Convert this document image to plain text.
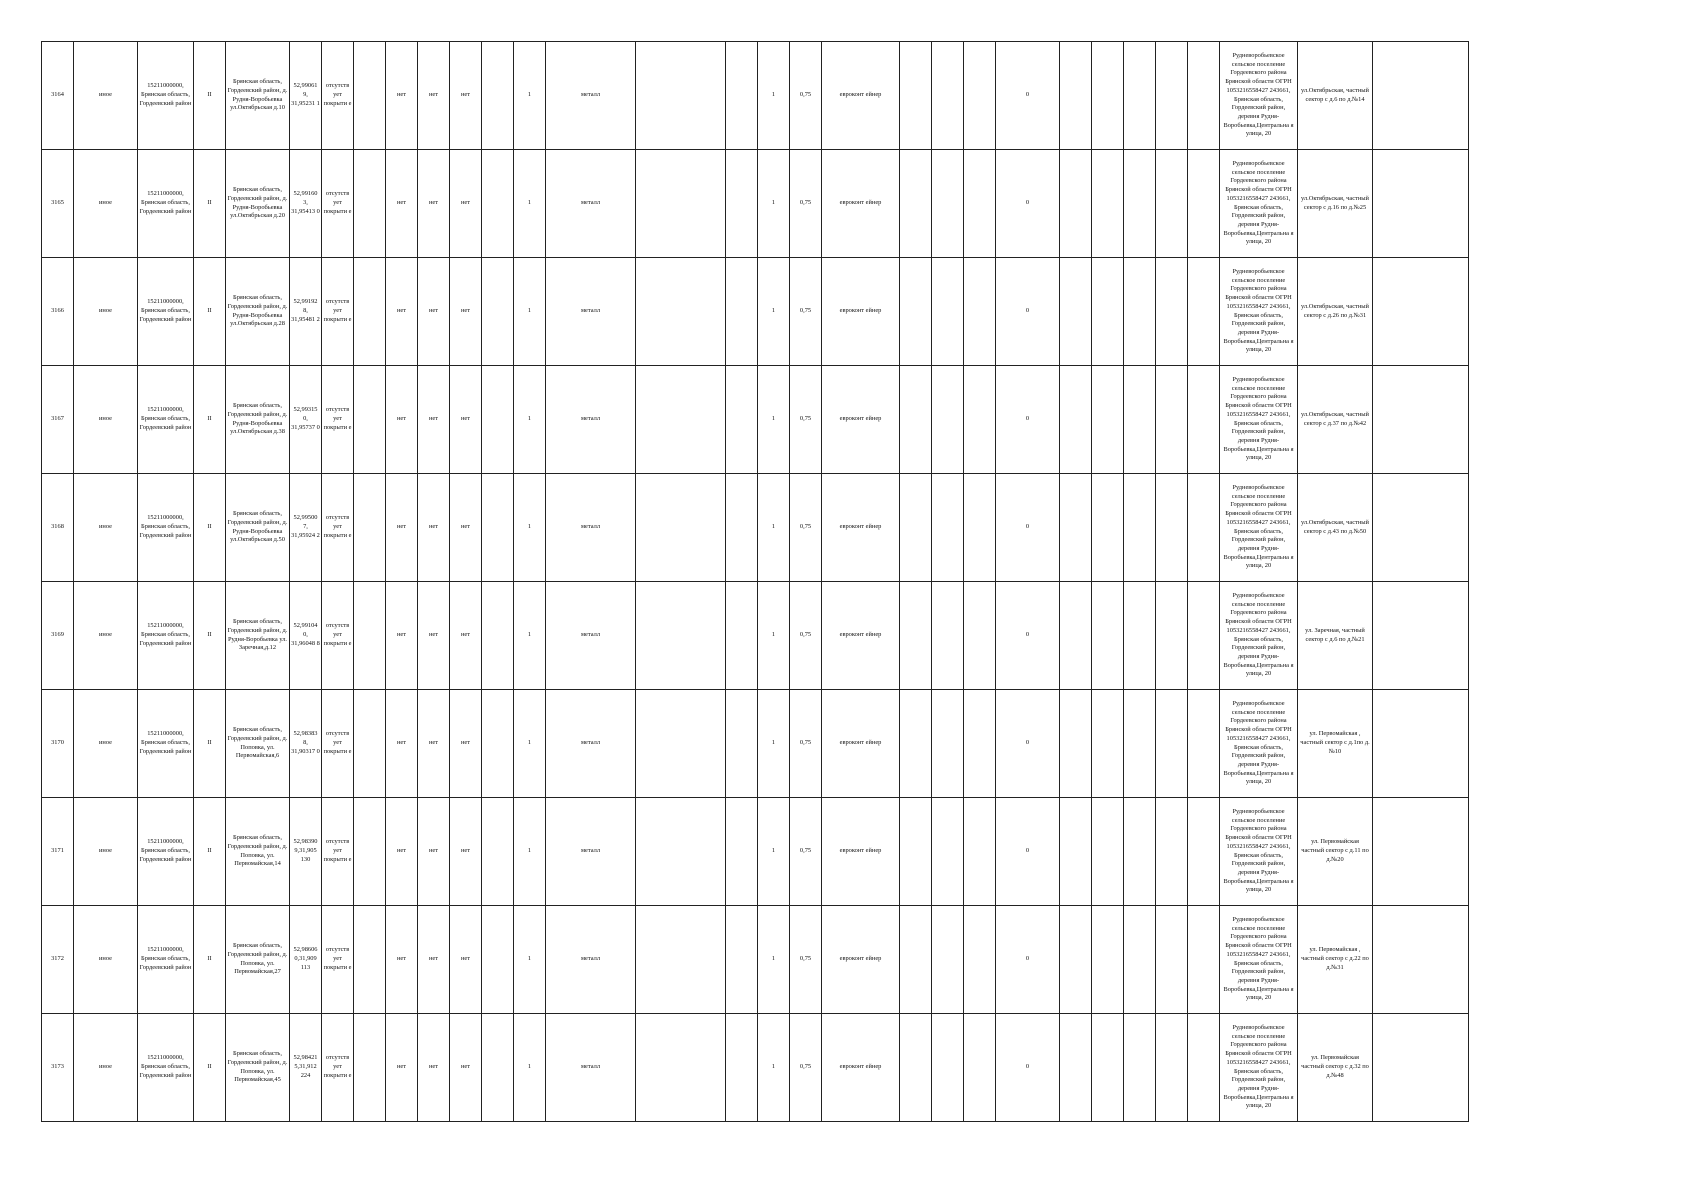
3164	иное	15211000000, Брянская область, Гордеевский район	II	Брянская область, Гордеевский район, д. Рудня-Воробьевка ул.Октябрьская д.10	52,99061 9, 31,95231 1	отсутств ует покрыти е		нет	нет	нет		1	металл			1	0,75	евроконт ейнер				0						Рудневоробьевское сельское поселение Гордеевского района Брянской области ОГРН 1053216558427 243661, Брянская область, Гордеевский район, деревня Рудня-Воробьевка,Центральна я улица, 20	ул.Октябрьская, частный сектор с д.6 по д.№14	
3165	иное	15211000000, Брянская область, Гордеевский район	II	Брянская область, Гордеевский район, д. Рудня-Воробьевка ул.Октябрьская д.20	52,99160 3, 31,95413 0	отсутств ует покрыти е		нет	нет	нет		1	металл			1	0,75	евроконт ейнер				0						Рудневоробьевское сельское поселение Гордеевского района Брянской области ОГРН 1053216558427 243661, Брянская область, Гордеевский район, деревня Рудня-Воробьевка,Центральна я улица, 20	ул.Октябрьская, частный сектор с д.16 по д.№25	
3166	иное	15211000000, Брянская область, Гордеевский район	II	Брянская область, Гордеевский район, д. Рудня-Воробьевка ул.Октябрьская д.28	52,99192 8, 31,95481 2	отсутств ует покрыти е		нет	нет	нет		1	металл			1	0,75	евроконт ейнер				0						Рудневоробьевское сельское поселение Гордеевского района Брянской области ОГРН 1053216558427 243661, Брянская область, Гордеевский район, деревня Рудня-Воробьевка,Центральна я улица, 20	ул.Октябрьская, частный сектор с д.26 по д.№31	
3167	иное	15211000000, Брянская область, Гордеевский район	II	Брянская область, Гордеевский район, д. Рудня-Воробьевка ул.Октябрьская д.38	52,99315 0, 31,95737 0	отсутств ует покрыти е		нет	нет	нет		1	металл			1	0,75	евроконт ейнер				0						Рудневоробьевское сельское поселение Гордеевского района Брянской области ОГРН 1053216558427 243661, Брянская область, Гордеевский район, деревня Рудня-Воробьевка,Центральна я улица, 20	ул.Октябрьская, частный сектор с д.37 по д.№42	
3168	иное	15211000000, Брянская область, Гордеевский район	II	Брянская область, Гордеевский район, д. Рудня-Воробьевка ул.Октябрьская д.50	52,99500 7, 31,95924 2	отсутств ует покрыти е		нет	нет	нет		1	металл			1	0,75	евроконт ейнер				0						Рудневоробьевское сельское поселение Гордеевского района Брянской области ОГРН 1053216558427 243661, Брянская область, Гордеевский район, деревня Рудня-Воробьевка,Центральна я улица, 20	ул.Октябрьская, частный сектор с д.43 по д.№50	
3169	иное	15211000000, Брянская область, Гордеевский район	II	Брянская область, Гордеевский район, д. Рудня-Воробьевка ул. Заречная,д.12	52,99104 0, 31,96048 8	отсутств ует покрыти е		нет	нет	нет		1	металл			1	0,75	евроконт ейнер				0						Рудневоробьевское сельское поселение Гордеевского района Брянской области ОГРН 1053216558427 243661, Брянская область, Гордеевский район, деревня Рудня-Воробьевка,Центральна я улица, 20	ул. Заречная, частный сектор с д.6 по д.№21	
3170	иное	15211000000, Брянская область, Гордеевский район	II	Брянская область, Гордеевский район, д. Поповка, ул. Первомайская,6	52,98383 8, 31,90317 0	отсутств ует покрыти е		нет	нет	нет		1	металл			1	0,75	евроконт ейнер				0						Рудневоробьевское сельское поселение Гордеевского района Брянской области ОГРН 1053216558427 243661, Брянская область, Гордеевский район, деревня Рудня-Воробьевка,Центральна я улица, 20	ул. Первомайская , частный сектор с д.1по д.№10	
3171	иное	15211000000, Брянская область, Гордеевский район	II	Брянская область, Гордеевский район, д. Поповка, ул. Первомайская,14	52,98390 9,31,905 130	отсутств ует покрыти е		нет	нет	нет		1	металл			1	0,75	евроконт ейнер				0						Рудневоробьевское сельское поселение Гордеевского района Брянской области ОГРН 1053216558427 243661, Брянская область, Гордеевский район, деревня Рудня-Воробьевка,Центральна я улица, 20	ул. Первомайская частный сектор с д.11 по д.№20	
3172	иное	15211000000, Брянская область, Гордеевский район	II	Брянская область, Гордеевский район, д. Поповка, ул. Первомайская,27	52,98606 0,31,909 113	отсутств ует покрыти е		нет	нет	нет		1	металл			1	0,75	евроконт ейнер				0						Рудневоробьевское сельское поселение Гордеевского района Брянской области ОГРН 1053216558427 243661, Брянская область, Гордеевский район, деревня Рудня-Воробьевка,Центральна я улица, 20	ул. Первомайская , частный сектор с д.22 по д.№31	
3173	иное	15211000000, Брянская область, Гордеевский район	II	Брянская область, Гордеевский район, д. Поповка, ул. Первомайская,45	52,98421 5,31,912 224	отсутств ует покрыти е		нет	нет	нет		1	металл			1	0,75	евроконт ейнер				0						Рудневоробьевское сельское поселение Гордеевского района Брянской области ОГРН 1053216558427 243661, Брянская область, Гордеевский район, деревня Рудня-Воробьевка,Центральна я улица, 20	ул. Первомайская частный сектор с д.32 по д.№48	
